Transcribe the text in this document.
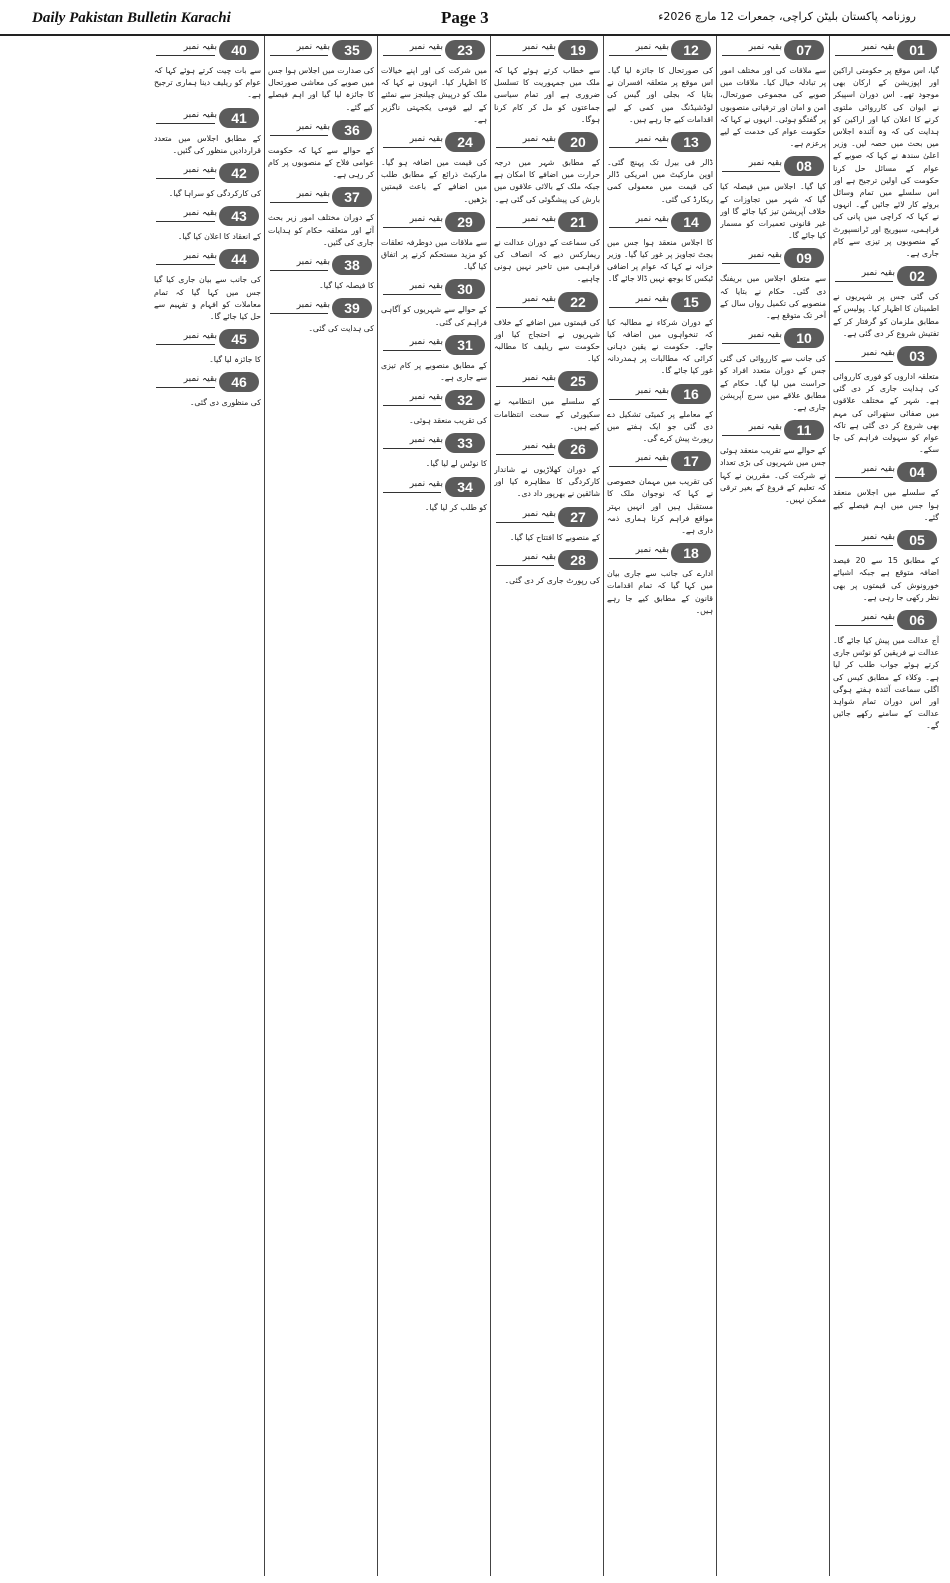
Daily Pakistan Bulletin Karachi	Page 3	روزنامہ پاکستان بلیٹن کراچی، جمعرات 12 مارچ 2026ء
01
بقیہ نمبر
گیا، اس موقع پر حکومتی اراکین اور اپوزیشن کے ارکان بھی موجود تھے۔ اس دوران اسپیکر نے ایوان کی کارروائی ملتوی کرنے کا اعلان کیا اور اراکین کو ہدایت کی کہ وہ آئندہ اجلاس میں بحث میں حصہ لیں۔ وزیر اعلیٰ سندھ نے کہا کہ صوبے کے عوام کے مسائل حل کرنا حکومت کی اولین ترجیح ہے اور اس سلسلے میں تمام وسائل بروئے کار لائے جائیں گے۔ انہوں نے کہا کہ کراچی میں پانی کی فراہمی، سیوریج اور ٹرانسپورٹ کے منصوبوں پر تیزی سے کام جاری ہے۔
02
بقیہ نمبر
کی گئی جس پر شہریوں نے اطمینان کا اظہار کیا۔ پولیس کے مطابق ملزمان کو گرفتار کر کے تفتیش شروع کر دی گئی ہے۔
03
بقیہ نمبر
متعلقہ اداروں کو فوری کارروائی کی ہدایت جاری کر دی گئی ہے۔ شہر کے مختلف علاقوں میں صفائی ستھرائی کی مہم بھی شروع کر دی گئی ہے تاکہ عوام کو سہولت فراہم کی جا سکے۔
04
بقیہ نمبر
کے سلسلے میں اجلاس منعقد ہوا جس میں اہم فیصلے کیے گئے۔
05
بقیہ نمبر
کے مطابق 15 سے 20 فیصد اضافہ متوقع ہے جبکہ اشیائے خورونوش کی قیمتوں پر بھی نظر رکھی جا رہی ہے۔
06
بقیہ نمبر
آج عدالت میں پیش کیا جائے گا۔ عدالت نے فریقین کو نوٹس جاری کرتے ہوئے جواب طلب کر لیا ہے۔ وکلاء کے مطابق کیس کی اگلی سماعت آئندہ ہفتے ہوگی اور اس دوران تمام شواہد عدالت کے سامنے رکھے جائیں گے۔
07
بقیہ نمبر
سے ملاقات کی اور مختلف امور پر تبادلہ خیال کیا۔ ملاقات میں صوبے کی مجموعی صورتحال، امن و امان اور ترقیاتی منصوبوں پر گفتگو ہوئی۔ انہوں نے کہا کہ حکومت عوام کی خدمت کے لیے پرعزم ہے۔
08
بقیہ نمبر
کیا گیا۔ اجلاس میں فیصلہ کیا گیا کہ شہر میں تجاوزات کے خلاف آپریشن تیز کیا جائے گا اور غیر قانونی تعمیرات کو مسمار کیا جائے گا۔
09
بقیہ نمبر
سے متعلق اجلاس میں بریفنگ دی گئی۔ حکام نے بتایا کہ منصوبے کی تکمیل رواں سال کے آخر تک متوقع ہے۔
10
بقیہ نمبر
کی جانب سے کارروائی کی گئی جس کے دوران متعدد افراد کو حراست میں لیا گیا۔ حکام کے مطابق علاقے میں سرچ آپریشن جاری ہے۔
11
بقیہ نمبر
کے حوالے سے تقریب منعقد ہوئی جس میں شہریوں کی بڑی تعداد نے شرکت کی۔ مقررین نے کہا کہ تعلیم کے فروغ کے بغیر ترقی ممکن نہیں۔
12
بقیہ نمبر
کی صورتحال کا جائزہ لیا گیا۔ اس موقع پر متعلقہ افسران نے بتایا کہ بجلی اور گیس کی لوڈشیڈنگ میں کمی کے لیے اقدامات کیے جا رہے ہیں۔
13
بقیہ نمبر
ڈالر فی بیرل تک پہنچ گئی۔ اوپن مارکیٹ میں امریکی ڈالر کی قیمت میں معمولی کمی ریکارڈ کی گئی۔
14
بقیہ نمبر
کا اجلاس منعقد ہوا جس میں بجٹ تجاویز پر غور کیا گیا۔ وزیر خزانہ نے کہا کہ عوام پر اضافی ٹیکس کا بوجھ نہیں ڈالا جائے گا۔
15
بقیہ نمبر
کے دوران شرکاء نے مطالبہ کیا کہ تنخواہوں میں اضافہ کیا جائے۔ حکومت نے یقین دہانی کرائی کہ مطالبات پر ہمدردانہ غور کیا جائے گا۔
16
بقیہ نمبر
کے معاملے پر کمیٹی تشکیل دے دی گئی جو ایک ہفتے میں رپورٹ پیش کرے گی۔
17
بقیہ نمبر
کی تقریب میں مہمان خصوصی نے کہا کہ نوجوان ملک کا مستقبل ہیں اور انہیں بہتر مواقع فراہم کرنا ہماری ذمہ داری ہے۔
18
بقیہ نمبر
ادارے کی جانب سے جاری بیان میں کہا گیا کہ تمام اقدامات قانون کے مطابق کیے جا رہے ہیں۔
19
بقیہ نمبر
سے خطاب کرتے ہوئے کہا کہ ملک میں جمہوریت کا تسلسل ضروری ہے اور تمام سیاسی جماعتوں کو مل کر کام کرنا ہوگا۔
20
بقیہ نمبر
کے مطابق شہر میں درجہ حرارت میں اضافے کا امکان ہے جبکہ ملک کے بالائی علاقوں میں بارش کی پیشگوئی کی گئی ہے۔
21
بقیہ نمبر
کی سماعت کے دوران عدالت نے ریمارکس دیے کہ انصاف کی فراہمی میں تاخیر نہیں ہونی چاہیے۔
22
بقیہ نمبر
کی قیمتوں میں اضافے کے خلاف شہریوں نے احتجاج کیا اور حکومت سے ریلیف کا مطالبہ کیا۔
25
بقیہ نمبر
کے سلسلے میں انتظامیہ نے سکیورٹی کے سخت انتظامات کیے ہیں۔
26
بقیہ نمبر
کے دوران کھلاڑیوں نے شاندار کارکردگی کا مظاہرہ کیا اور شائقین نے بھرپور داد دی۔
27
بقیہ نمبر
کے منصوبے کا افتتاح کیا گیا۔
28
بقیہ نمبر
کی رپورٹ جاری کر دی گئی۔
23
بقیہ نمبر
میں شرکت کی اور اپنے خیالات کا اظہار کیا۔ انہوں نے کہا کہ ملک کو درپیش چیلنجز سے نمٹنے کے لیے قومی یکجہتی ناگزیر ہے۔
24
بقیہ نمبر
کی قیمت میں اضافہ ہو گیا۔ مارکیٹ ذرائع کے مطابق طلب میں اضافے کے باعث قیمتیں بڑھیں۔
29
بقیہ نمبر
سے ملاقات میں دوطرفہ تعلقات کو مزید مستحکم کرنے پر اتفاق کیا گیا۔
30
بقیہ نمبر
کے حوالے سے شہریوں کو آگاہی فراہم کی گئی۔
31
بقیہ نمبر
کے مطابق منصوبے پر کام تیزی سے جاری ہے۔
32
بقیہ نمبر
کی تقریب منعقد ہوئی۔
33
بقیہ نمبر
کا نوٹس لے لیا گیا۔
34
بقیہ نمبر
کو طلب کر لیا گیا۔
35
بقیہ نمبر
کی صدارت میں اجلاس ہوا جس میں صوبے کی معاشی صورتحال کا جائزہ لیا گیا اور اہم فیصلے کیے گئے۔
36
بقیہ نمبر
کے حوالے سے کہا کہ حکومت عوامی فلاح کے منصوبوں پر کام کر رہی ہے۔
37
بقیہ نمبر
کے دوران مختلف امور زیر بحث آئے اور متعلقہ حکام کو ہدایات جاری کی گئیں۔
38
بقیہ نمبر
کا فیصلہ کیا گیا۔
39
بقیہ نمبر
کی ہدایت کی گئی۔
40
بقیہ نمبر
سے بات چیت کرتے ہوئے کہا کہ عوام کو ریلیف دینا ہماری ترجیح ہے۔
41
بقیہ نمبر
کے مطابق اجلاس میں متعدد قراردادیں منظور کی گئیں۔
42
بقیہ نمبر
کی کارکردگی کو سراہا گیا۔
43
بقیہ نمبر
کے انعقاد کا اعلان کیا گیا۔
44
بقیہ نمبر
کی جانب سے بیان جاری کیا گیا جس میں کہا گیا کہ تمام معاملات کو افہام و تفہیم سے حل کیا جائے گا۔
45
بقیہ نمبر
کا جائزہ لیا گیا۔
46
بقیہ نمبر
کی منظوری دی گئی۔
